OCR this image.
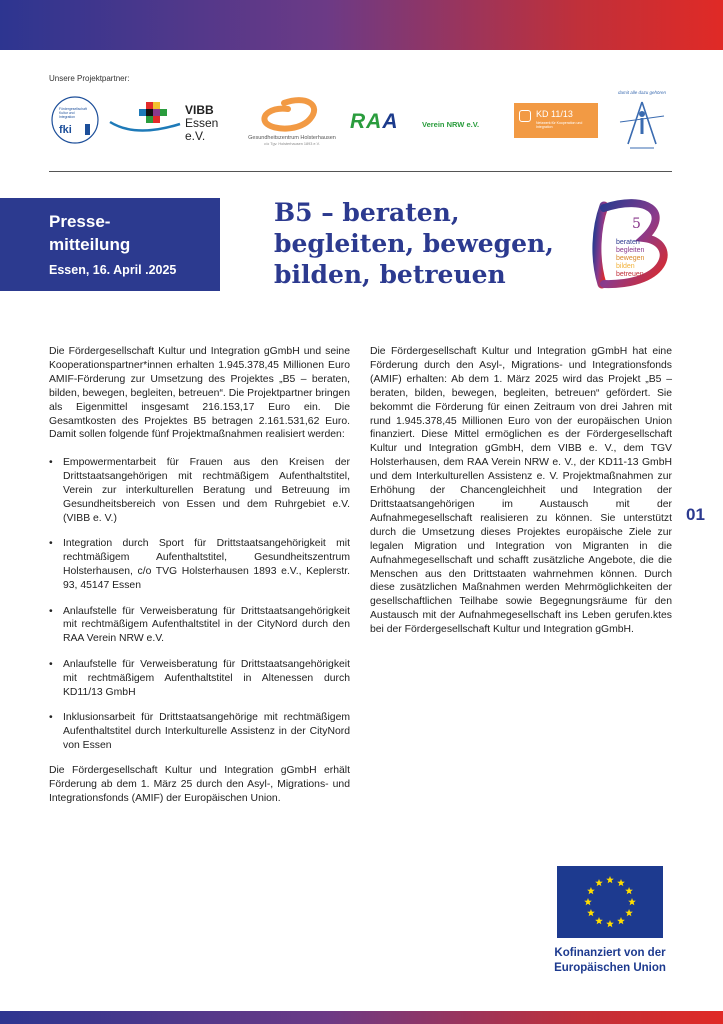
Unsere Projektpartner:
Fördergesellschaft
Kultur und
Integration
fki
VIBB
Essen e.V.	Gesundheitszentrum Holsterhausen
c/o Tgv. Holsterhausen 1893 e.V.
RAA	Verein NRW e.V.
KD 11/13
Netzwerk für Kooperation und Integration
damit alle dazu gehören
Presse-
mitteilung
Essen, 16. April .2025
B5 – beraten,
begleiten, bewegen,
bilden, betreuen
5
beraten
begleiten
bewegen
bilden
betreuen

Die Fördergesellschaft Kultur und Integration gGmbH und seine Kooperationspartner*innen erhalten 1.945.378,45 Millionen Euro AMIF-Förderung zur Umsetzung des Projektes „B5 – beraten, bilden, bewegen, begleiten, betreuen“. Die Projektpartner bringen als Eigenmittel insgesamt 216.153,17 Euro ein. Die Gesamtkosten des Projektes B5 betragen 2.161.531,62 Euro. Damit sollen folgende fünf Projektmaßnahmen realisiert werden:

• Empowermentarbeit für Frauen aus den Kreisen der Drittstaatsangehörigen mit rechtmäßigem Aufenthaltstitel, Verein zur interkulturellen Beratung und Betreuung im Gesundheitsbereich von Essen und dem Ruhrgebiet e.V. (VIBB e. V.)
• Integration durch Sport für Drittstaatsangehörigkeit mit rechtmäßigem Aufenthaltstitel, Gesundheitszentrum Holsterhausen, c/o TVG Holsterhausen 1893 e.V., Keplerstr. 93, 45147 Essen
• Anlaufstelle für Verweisberatung für Drittstaatsangehörigkeit mit rechtmäßigem Aufenthaltstitel in der CityNord durch den RAA Verein NRW e.V.
• Anlaufstelle für Verweisberatung für Drittstaatsangehörigkeit mit rechtmäßigem Aufenthaltstitel in Altenessen durch KD11/13 GmbH
• Inklusionsarbeit für Drittstaatsangehörige mit rechtmäßigem Aufenthaltstitel durch Interkulturelle Assistenz in der CityNord von Essen

Die Fördergesellschaft Kultur und Integration gGmbH erhält Förderung ab dem 1. März 25 durch den Asyl-, Migrations- und Integrationsfonds (AMIF) der Europäischen Union.

Die Fördergesellschaft Kultur und Integration gGmbH hat eine Förderung durch den Asyl-, Migrations- und Integrationsfonds (AMIF) erhalten: Ab dem 1. März 2025 wird das Projekt „B5 – beraten, bilden, bewegen, begleiten, betreuen“ gefördert. Sie bekommt die Förderung für einen Zeitraum von drei Jahren mit rund 1.945.378,45 Millionen Euro von der europäischen Union finanziert. Diese Mittel ermöglichen es der Fördergesellschaft Kultur und Integration gGmbH, dem VIBB e. V., dem TGV Holsterhausen, dem RAA Verein NRW e. V., der KD11-13 GmbH und dem Interkulturellen Assistenz e. V. Projektmaßnahmen zur Erhöhung der Chancengleichheit und Integration der Drittstaatsangehörigen im Austausch mit der Aufnahmegesellschaft realisieren zu können. Sie unterstützt durch die Umsetzung dieses Projektes europäische Ziele zur legalen Migration und Integration von Migranten in die Aufnahmegesellschaft und schafft zusätzliche Angebote, die die Menschen aus den Drittstaaten wahrnehmen können. Durch diese zusätzlichen Maßnahmen werden Mehrmöglichkeiten der gesellschaftlichen Teilhabe sowie Begegnungsräume für den Austausch mit der Aufnahmegesellschaft ins Leben gerufen.ktes bei der Fördergesellschaft Kultur und Integration gGmbH.

01
Kofinanziert von der
Europäischen Union
